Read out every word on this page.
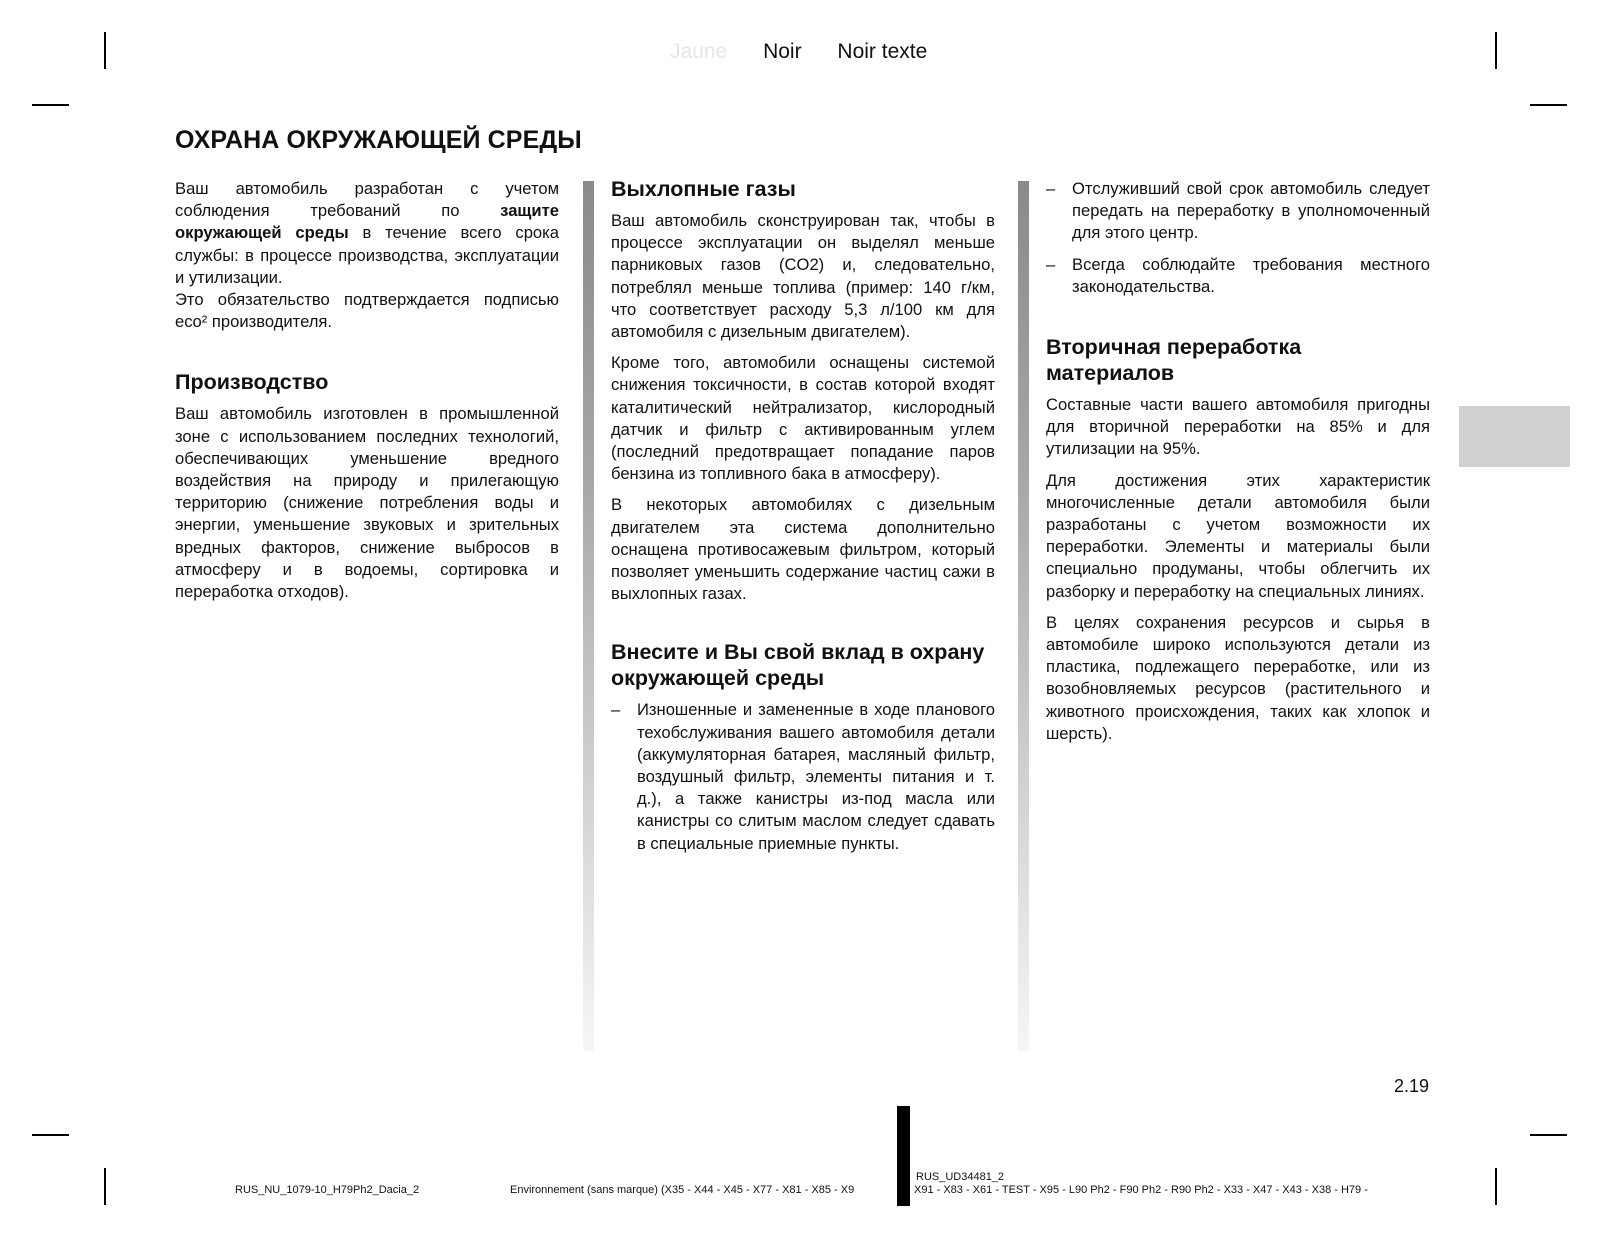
Jaune Noir Noir texte
ОХРАНА ОКРУЖАЮЩЕЙ СРЕДЫ

Ваш автомобиль разработан с учетом соблюдения требований по защите окружающей среды в течение всего срока службы: в процессе производства, эксплуатации и утилизации.

Это обязательство подтверждается подписью eco² производителя.

Производство

Ваш автомобиль изготовлен в промышленной зоне с использованием последних технологий, обеспечивающих уменьшение вредного воздействия на природу и прилегающую территорию (снижение потребления воды и энергии, уменьшение звуковых и зрительных вредных факторов, снижение выбросов в атмосферу и в водоемы, сортировка и переработка отходов).

Выхлопные газы

Ваш автомобиль сконструирован так, чтобы в процессе эксплуатации он выделял меньше парниковых газов (CO2) и, следовательно, потреблял меньше топлива (пример: 140 г/км, что соответствует расходу 5,3 л/100 км для автомобиля с дизельным двигателем).

Кроме того, автомобили оснащены системой снижения токсичности, в состав которой входят каталитический нейтрализатор, кислородный датчик и фильтр с активированным углем (последний предотвращает попадание паров бензина из топливного бака в атмосферу).

В некоторых автомобилях с дизельным двигателем эта система дополнительно оснащена противосажевым фильтром, который позволяет уменьшить содержание частиц сажи в выхлопных газах.

Внесите и Вы свой вклад в охрану окружающей среды
–	Изношенные и замененные в ходе планового техобслуживания вашего автомобиля детали (аккумуляторная батарея, масляный фильтр, воздушный фильтр, элементы питания и т. д.), а также канистры из-под масла или канистры со слитым маслом следует сдавать в специальные приемные пункты.
–	Отслуживший свой срок автомобиль следует передать на переработку в уполномоченный для этого центр.
–	Всегда соблюдайте требования местного законодательства.
Вторичная переработка материалов

Составные части вашего автомобиля пригодны для вторичной переработки на 85% и для утилизации на 95%.

Для достижения этих характеристик многочисленные детали автомобиля были разработаны с учетом возможности их переработки. Элементы и материалы были специально продуманы, чтобы облегчить их разборку и переработку на специальных линиях.

В целях сохранения ресурсов и сырья в автомобиле широко используются детали из пластика, подлежащего переработке, или из возобновляемых ресурсов (растительного и животного происхождения, таких как хлопок и шерсть).

2.19
RUS_NU_1079-10_H79Ph2_Dacia_2
RUS_UD34481_2
Environnement (sans marque) (X35 - X44 - X45 - X77 - X81 - X85 - X9	X91 - X83 - X61 - TEST - X95 - L90 Ph2 - F90 Ph2 - R90 Ph2 - X33 - X47 - X43 - X38 - H79 -
